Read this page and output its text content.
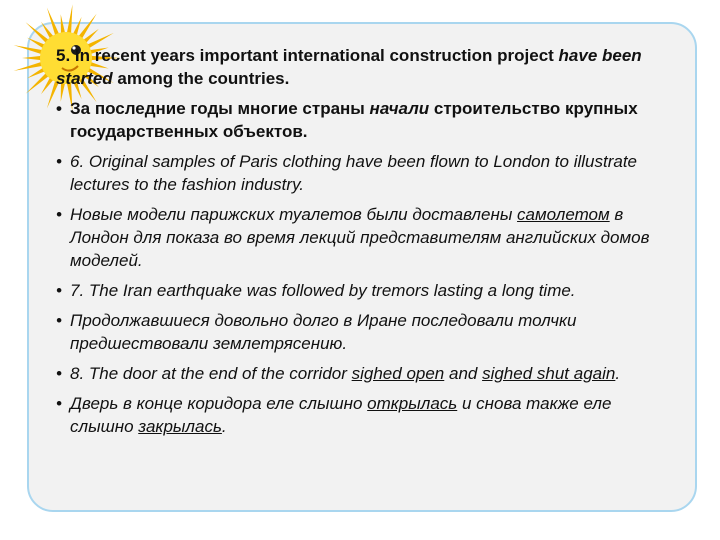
5. In recent years important international construction project have been started among the countries.

• За последние годы многие страны начали строительство крупных государственных объектов.

• 6. Original samples of Paris clothing have been flown to London to illustrate lectures to the fashion industry.

• Новые модели парижских туалетов были доставлены самолетом в Лондон для показа во время лекций представителям английских домов моделей.

• 7. The Iran earthquake was followed by tremors lasting a long time.

• Продолжавшиеся довольно долго в Иране последовали толчки предшествовали землетрясению.

• 8. The door at the end of the corridor sighed open and sighed shut again.

• Дверь в конце коридора еле слышно открылась и снова также еле слышно закрылась.
